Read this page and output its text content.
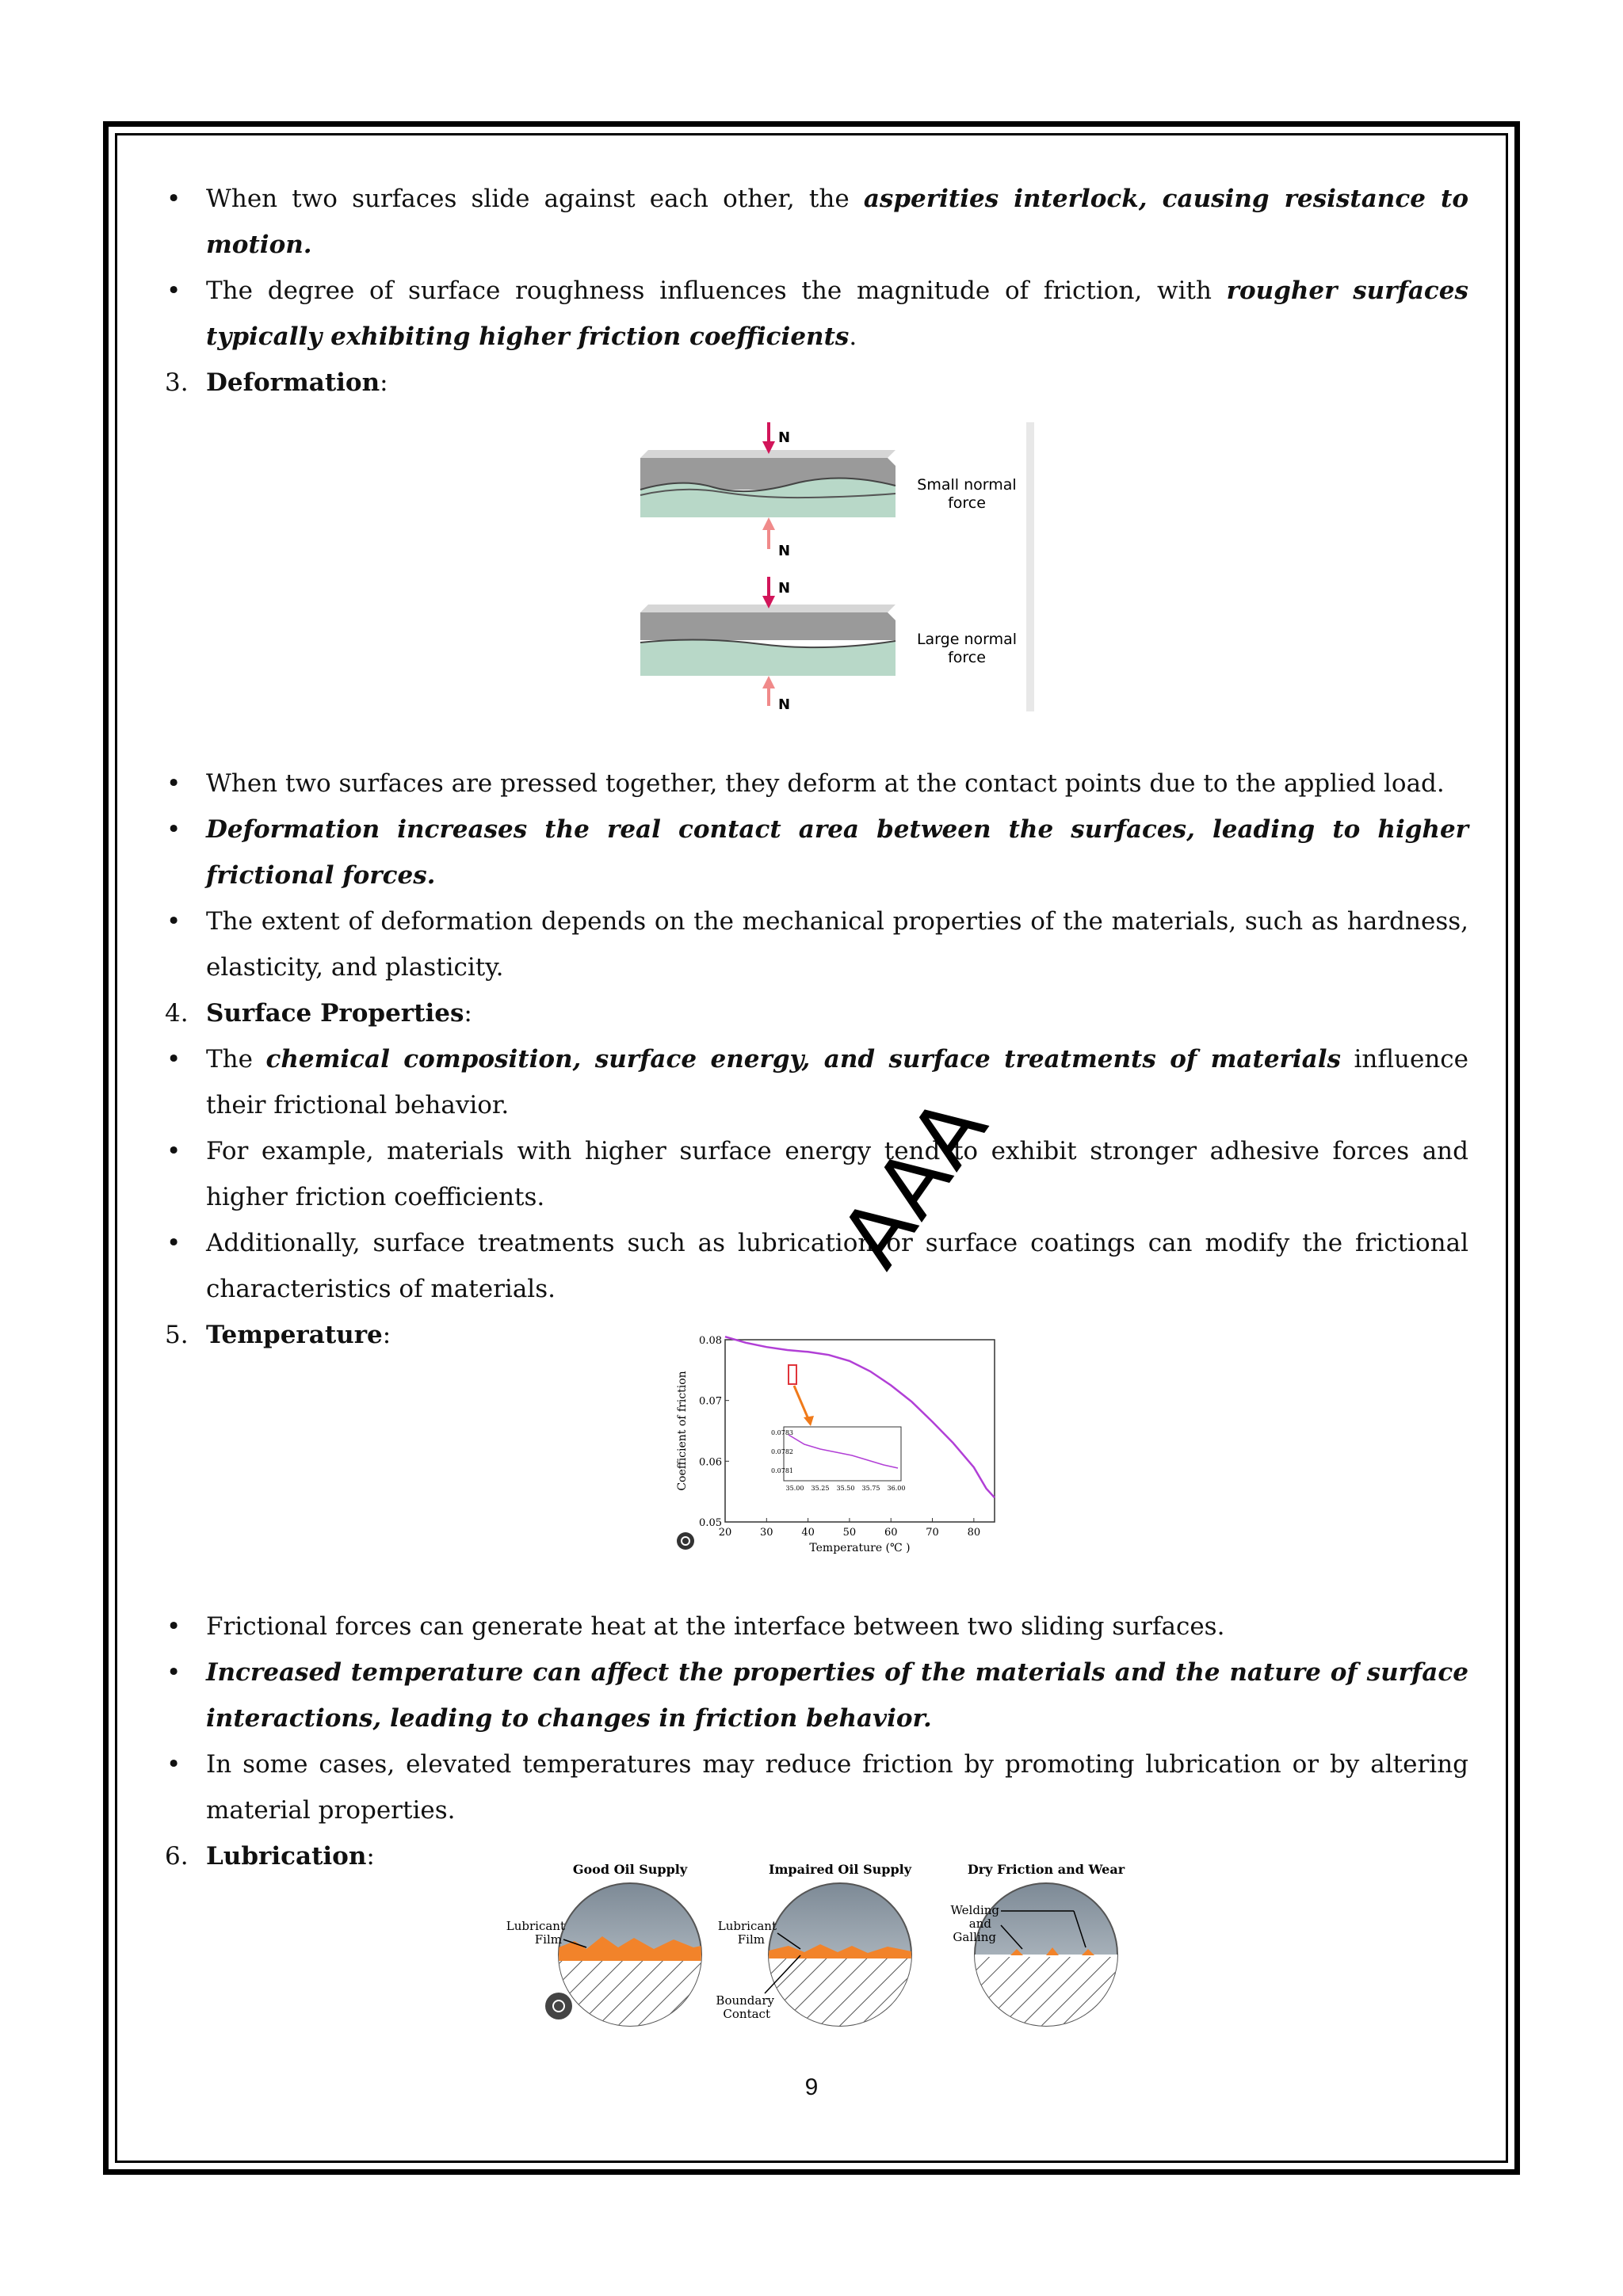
• When two surfaces slide against each other, the asperities interlock, causing resistance to motion.
• The degree of surface roughness influences the magnitude of friction, with rougher surfaces typically exhibiting higher friction coefficients.
3. Deformation:
• When two surfaces are pressed together, they deform at the contact points due to the applied load.
• Deformation increases the real contact area between the surfaces, leading to higher frictional forces.
• The extent of deformation depends on the mechanical properties of the materials, such as hardness, elasticity, and plasticity.
4. Surface Properties:
• The chemical composition, surface energy, and surface treatments of materials influence their frictional behavior.
• For example, materials with higher surface energy tend to exhibit stronger adhesive forces and higher friction coefficients.
• Additionally, surface treatments such as lubrication or surface coatings can modify the frictional characteristics of materials.
5. Temperature:
• Frictional forces can generate heat at the interface between two sliding surfaces.
• Increased temperature can affect the properties of the materials and the nature of surface interactions, leading to changes in friction behavior.
• In some cases, elevated temperatures may reduce friction by promoting lubrication or by altering material properties.
6. Lubrication:
N
N
Small normal
force
N
N
Large normal
force
20	30	40	50	60	70	80
0.05
0.06
0.07
0.08
35.00 35.25 35.50 35.75 36.00
0.0783
0.0782
0.0781
Temperature (℃ )
Coefficient of friction
Good Oil Supply
Lubricant
Film
Impaired Oil Supply
Lubricant
Film
Boundary
Contact
Dry Friction and Wear
Welding
and
Galling
AAA
9
